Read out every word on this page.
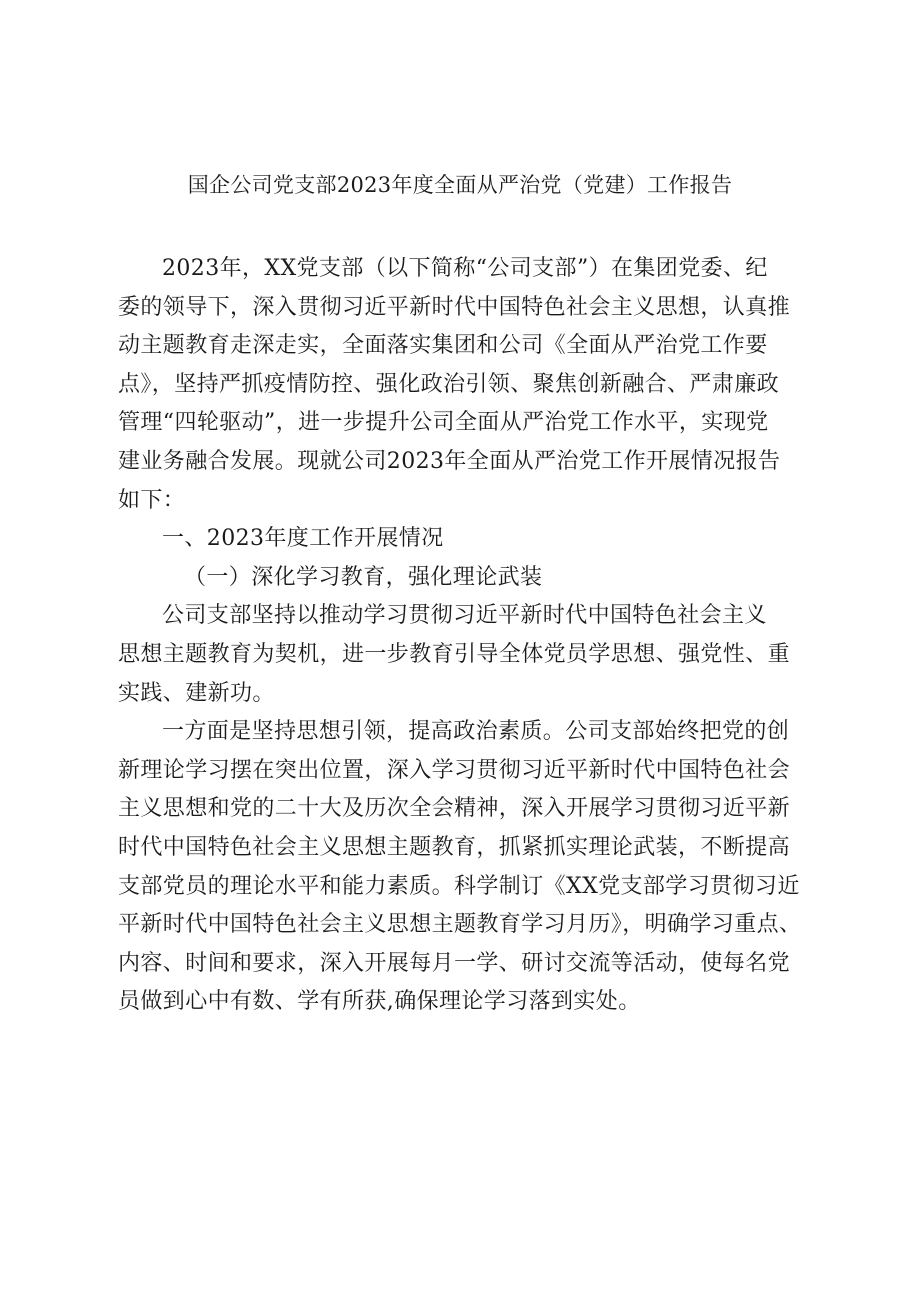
国企公司党支部2023年度全面从严治党（党建）工作报告
2023年，XX党支部（以下简称“公司支部”）在集团党委、纪
委的领导下，深入贯彻习近平新时代中国特色社会主义思想，认真推
动主题教育走深走实，全面落实集团和公司《全面从严治党工作要
点》，坚持严抓疫情防控、强化政治引领、聚焦创新融合、严肃廉政
管理“四轮驱动”，进一步提升公司全面从严治党工作水平，实现党
建业务融合发展。现就公司2023年全面从严治党工作开展情况报告
如下：
一、2023年度工作开展情况
（一）深化学习教育，强化理论武装
公司支部坚持以推动学习贯彻习近平新时代中国特色社会主义
思想主题教育为契机，进一步教育引导全体党员学思想、强党性、重
实践、建新功。
一方面是坚持思想引领，提高政治素质。公司支部始终把党的创
新理论学习摆在突出位置，深入学习贯彻习近平新时代中国特色社会
主义思想和党的二十大及历次全会精神，深入开展学习贯彻习近平新
时代中国特色社会主义思想主题教育，抓紧抓实理论武装，不断提高
支部党员的理论水平和能力素质。科学制订《XX党支部学习贯彻习近
平新时代中国特色社会主义思想主题教育学习月历》，明确学习重点、
内容、时间和要求，深入开展每月一学、研讨交流等活动，使每名党
员做到心中有数、学有所获,确保理论学习落到实处。
